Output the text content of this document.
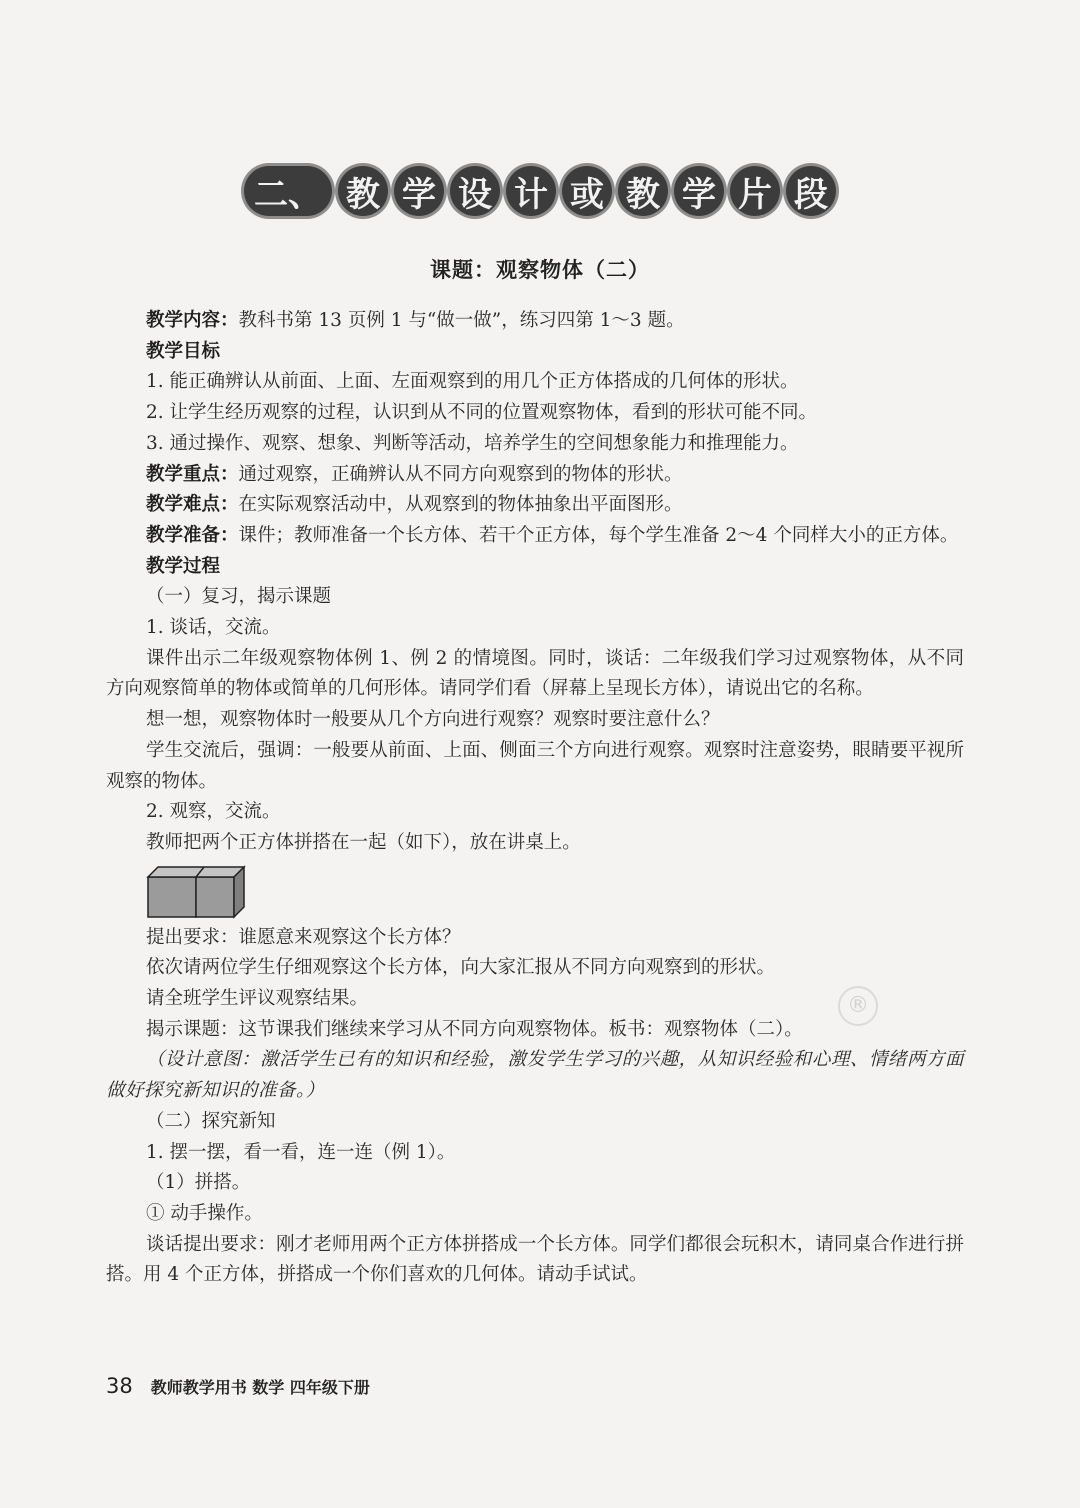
二、 教 学 设 计 或 教 学 片 段
课题：观察物体（二）

教学内容：教科书第 13 页例 1 与“做一做”，练习四第 1～3 题。

教学目标

1. 能正确辨认从前面、上面、左面观察到的用几个正方体搭成的几何体的形状。

2. 让学生经历观察的过程，认识到从不同的位置观察物体，看到的形状可能不同。

3. 通过操作、观察、想象、判断等活动，培养学生的空间想象能力和推理能力。

教学重点：通过观察，正确辨认从不同方向观察到的物体的形状。

教学难点：在实际观察活动中，从观察到的物体抽象出平面图形。

教学准备：课件；教师准备一个长方体、若干个正方体，每个学生准备 2～4 个同样大小的正方体。

教学过程

（一）复习，揭示课题

1. 谈话，交流。

课件出示二年级观察物体例 1、例 2 的情境图。同时，谈话：二年级我们学习过观察物体，从不同方向观察简单的物体或简单的几何形体。请同学们看（屏幕上呈现长方体），请说出它的名称。

想一想，观察物体时一般要从几个方向进行观察？观察时要注意什么？

学生交流后，强调：一般要从前面、上面、侧面三个方向进行观察。观察时注意姿势，眼睛要平视所观察的物体。

2. 观察，交流。

教师把两个正方体拼搭在一起（如下），放在讲桌上。

提出要求：谁愿意来观察这个长方体？

依次请两位学生仔细观察这个长方体，向大家汇报从不同方向观察到的形状。

请全班学生评议观察结果。

揭示课题：这节课我们继续来学习从不同方向观察物体。板书：观察物体（二）。

（设计意图：激活学生已有的知识和经验，激发学生学习的兴趣，从知识经验和心理、情绪两方面做好探究新知识的准备。）

（二）探究新知

1. 摆一摆，看一看，连一连（例 1）。

（1）拼搭。

① 动手操作。

谈话提出要求：刚才老师用两个正方体拼搭成一个长方体。同学们都很会玩积木，请同桌合作进行拼搭。用 4 个正方体，拼搭成一个你们喜欢的几何体。请动手试试。

®
38 教师教学用书 数学 四年级下册
